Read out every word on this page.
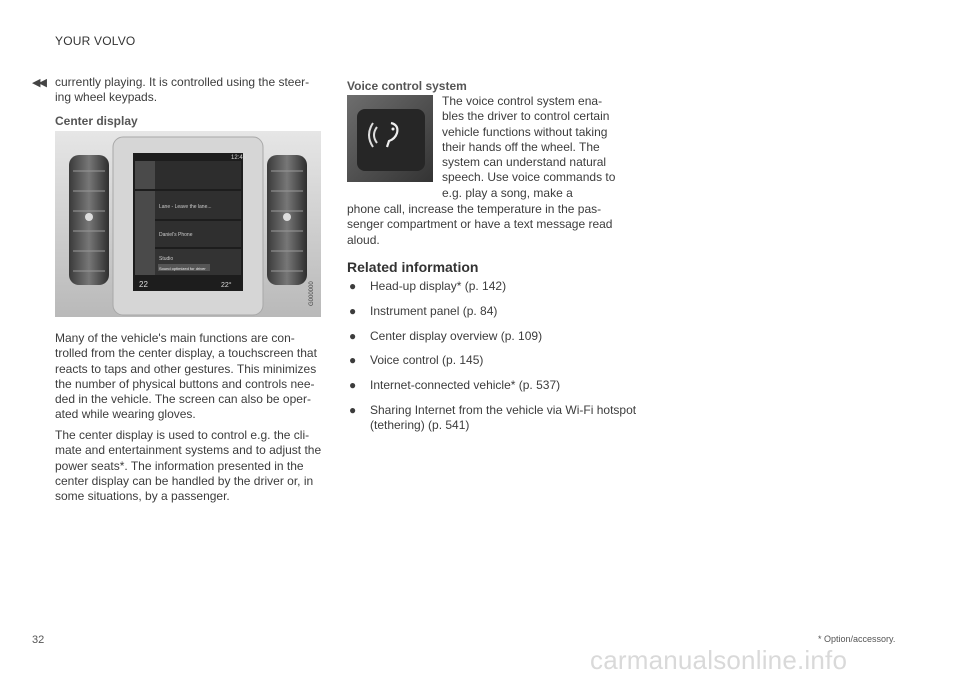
YOUR VOLVO
◀◀ currently playing. It is controlled using the steer-ing wheel keypads.
Center display
12:45
Lane - Leave the lane...
Daniel's Phone
Studio
Sound optimized for driver
22	22°	G000000
Many of the vehicle's main functions are con-trolled from the center display, a touchscreen that reacts to taps and other gestures. This minimizes the number of physical buttons and controls nee-ded in the vehicle. The screen can also be oper-ated while wearing gloves.
The center display is used to control e.g. the cli-mate and entertainment systems and to adjust the power seats*. The information presented in the center display can be handled by the driver or, in some situations, by a passenger.
Voice control system
The voice control system ena-bles the driver to control certain vehicle functions without taking their hands off the wheel. The system can understand natural speech. Use voice commands to e.g. play a song, make a
phone call, increase the temperature in the pas-senger compartment or have a text message read aloud.
Related information
● Head-up display* (p. 142)
● Instrument panel (p. 84)
● Center display overview (p. 109)
● Voice control (p. 145)
● Internet-connected vehicle* (p. 537)
● Sharing Internet from the vehicle via Wi-Fi hotspot (tethering) (p. 541)
32	* Option/accessory.
carmanualsonline.info
